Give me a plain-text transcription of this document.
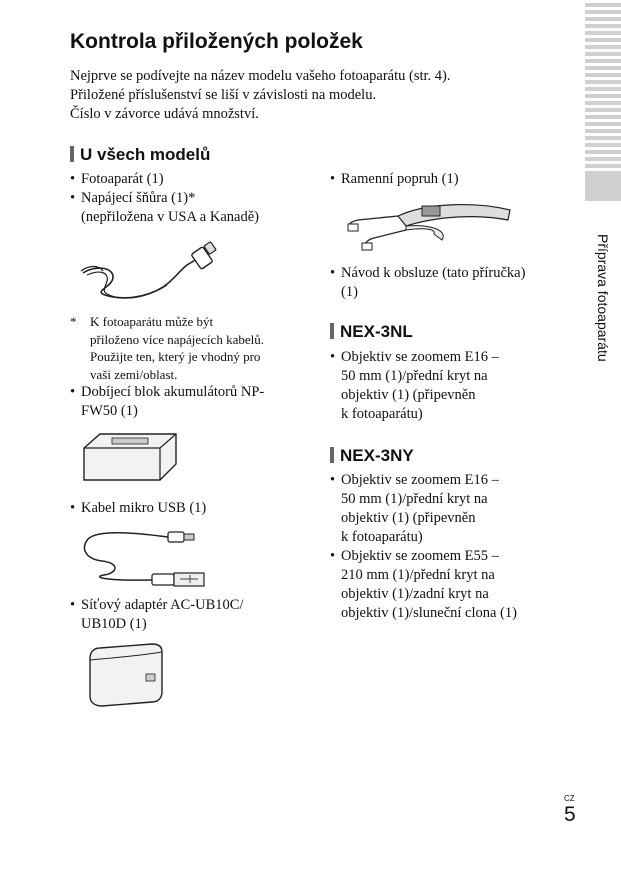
Kontrola přiložených položek
Nejprve se podívejte na název modelu vašeho fotoaparátu (str. 4).
Přiložené příslušenství se liší v závislosti na modelu.
Číslo v závorce udává množství.
U všech modelů
• Fotoaparát (1)
• Napájecí šňůra (1)*
(nepřiložena v USA a Kanadě)
* K fotoaparátu může být
přiloženo více napájecích kabelů.
Použijte ten, který je vhodný pro
vaši zemi/oblast.
• Dobíjecí blok akumulátorů NP-
FW50 (1)
• Kabel mikro USB (1)
• Síťový adaptér AC-UB10C/
UB10D (1)
• Ramenní popruh (1)
• Návod k obsluze (tato příručka)
(1)
NEX-3NL
• Objektiv se zoomem E16 –
50 mm (1)/přední kryt na
objektiv (1) (připevněn
k fotoaparátu)
NEX-3NY
• Objektiv se zoomem E16 –
50 mm (1)/přední kryt na
objektiv (1) (připevněn
k fotoaparátu)
• Objektiv se zoomem E55 –
210 mm (1)/přední kryt na
objektiv (1)/zadní kryt na
objektiv (1)/sluneční clona (1)
Příprava fotoaparátu
CZ
5
